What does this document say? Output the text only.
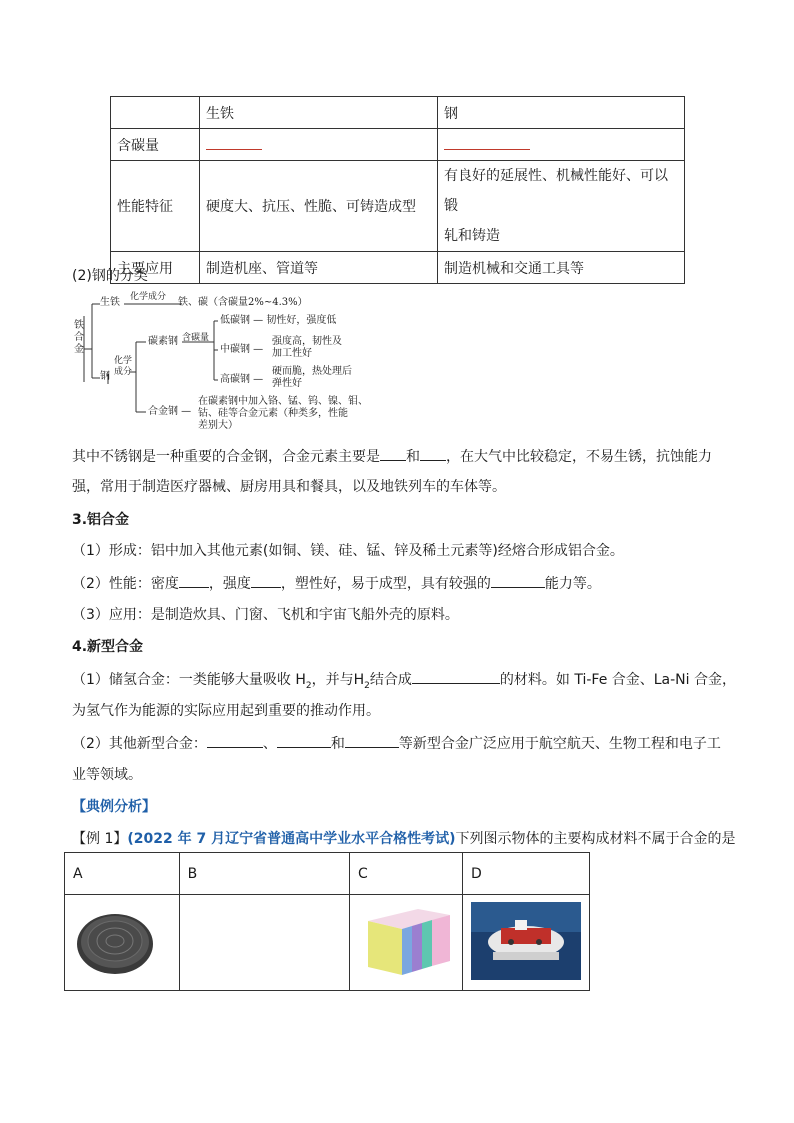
	生铁	钢
含碳量		
性能特征	硬度大、抗压、性脆、可铸造成型	有良好的延展性、机械性能好、可以锻
轧和铸造
主要应用	制造机座、管道等	制造机械和交通工具等
(2)钢的分类
铁
合
金
生铁 化学成分 铁、碳（含碳量2%~4.3%）
钢
化学
成分
碳素钢 含碳量
低碳钢 — 韧性好，强度低
中碳钢 —
强度高，韧性及
加工性好
高碳钢 —
硬而脆，热处理后
弹性好
合金钢 —
在碳素钢中加入铬、锰、钨、镍、钼、
钴、硅等合金元素（种类多，性能
差别大）
其中不锈钢是一种重要的合金钢，合金元素主要是 和 ，在大气中比较稳定，不易生锈，抗蚀能力
强，常用于制造医疗器械、厨房用具和餐具，以及地铁列车的车体等。
3.铝合金
（1）形成：铝中加入其他元素(如铜、镁、硅、锰、锌及稀土元素等)经熔合形成铝合金。
（2）性能：密度 ，强度 ，塑性好，易于成型，具有较强的	能力等。
（3）应用：是制造炊具、门窗、飞机和宇宙飞船外壳的原料。
4.新型合金
（1）储氢合金：一类能够大量吸收 $H_2$，并与$H_2$结合成	的材料。如 Ti-Fe 合金、La-Ni 合金，
为氢气作为能源的实际应用起到重要的推动作用。
（2）其他新型合金：	、	和	等新型合金广泛应用于航空航天、生物工程和电子工
业等领域。
【典例分析】
【例 1】(2022 年 7 月辽宁省普通高中学业水平合格性考试)下列图示物体的主要构成材料不属于合金的是
A	B	C	D
